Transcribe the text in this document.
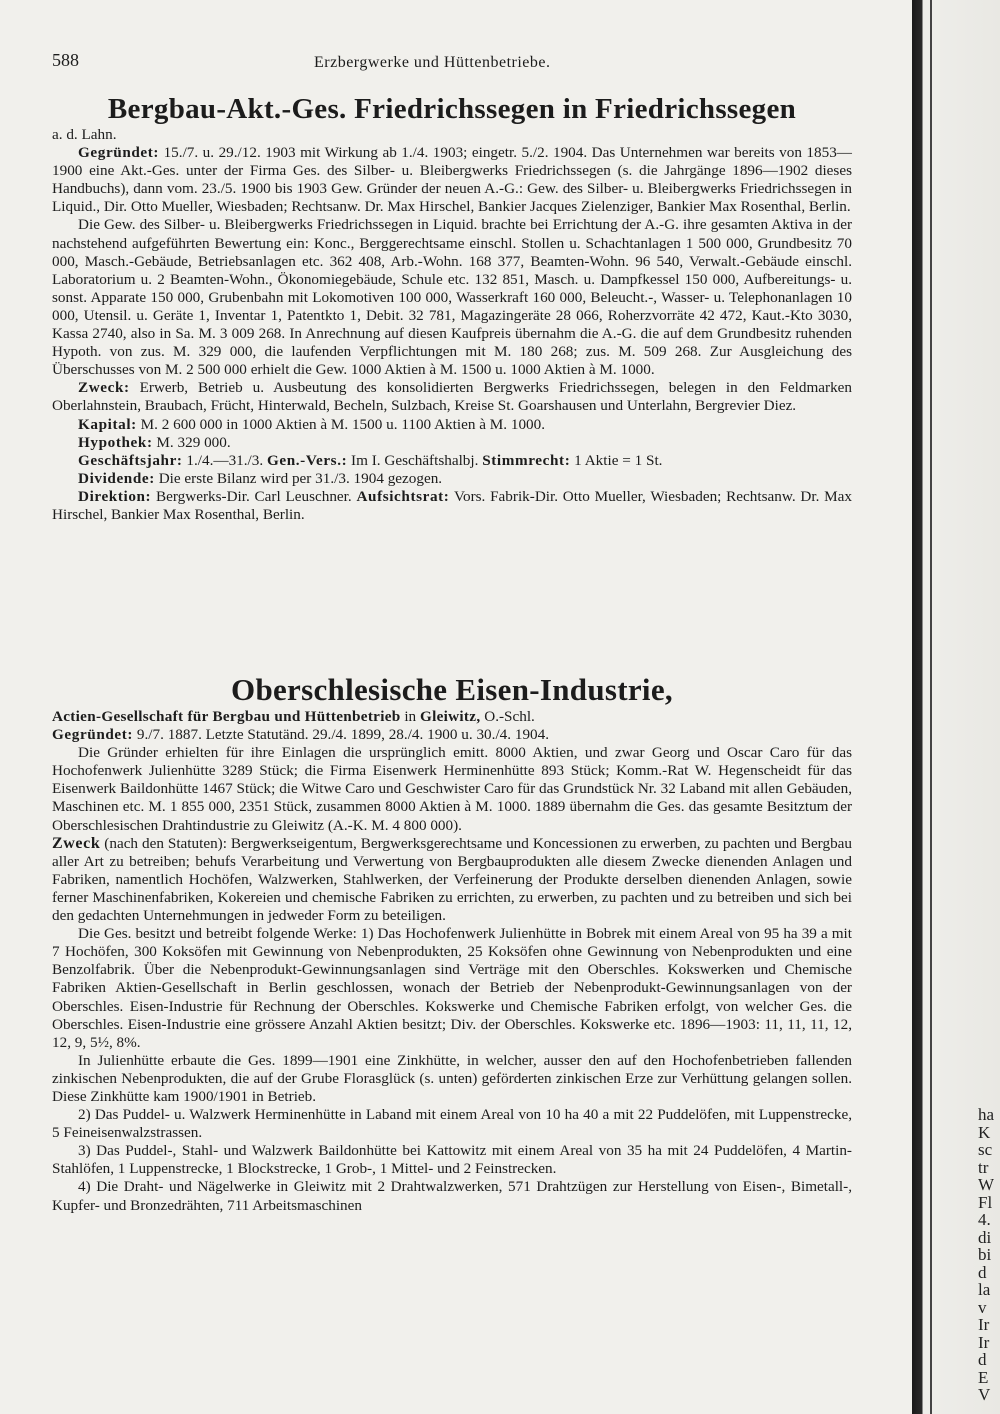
ha
K
sc
tr
W
Fl
4.
di
bi
d
la
v
Ir
Ir
d
E
V
588	Erzbergwerke und Hüttenbetriebe.
Bergbau-Akt.-Ges. Friedrichssegen in Friedrichssegen

a. d. Lahn.

Gegründet: 15./7. u. 29./12. 1903 mit Wirkung ab 1./4. 1903; eingetr. 5./2. 1904. Das Unternehmen war bereits von 1853—1900 eine Akt.-Ges. unter der Firma Ges. des Silber- u. Bleibergwerks Friedrichssegen (s. die Jahrgänge 1896—1902 dieses Handbuchs), dann vom. 23./5. 1900 bis 1903 Gew. Gründer der neuen A.-G.: Gew. des Silber- u. Bleibergwerks Friedrichssegen in Liquid., Dir. Otto Mueller, Wiesbaden; Rechtsanw. Dr. Max Hirschel, Bankier Jacques Zielenziger, Bankier Max Rosenthal, Berlin.

Die Gew. des Silber- u. Bleibergwerks Friedrichssegen in Liquid. brachte bei Errichtung der A.-G. ihre gesamten Aktiva in der nachstehend aufgeführten Bewertung ein: Konc., Berggerechtsame einschl. Stollen u. Schachtanlagen 1 500 000, Grundbesitz 70 000, Masch.-Gebäude, Betriebsanlagen etc. 362 408, Arb.-Wohn. 168 377, Beamten-Wohn. 96 540, Verwalt.-Gebäude einschl. Laboratorium u. 2 Beamten-Wohn., Ökonomiegebäude, Schule etc. 132 851, Masch. u. Dampfkessel 150 000, Aufbereitungs- u. sonst. Apparate 150 000, Grubenbahn mit Lokomotiven 100 000, Wasserkraft 160 000, Beleucht.-, Wasser- u. Telephonanlagen 10 000, Utensil. u. Geräte 1, Inventar 1, Patentkto 1, Debit. 32 781, Magazingeräte 28 066, Roherzvorräte 42 472, Kaut.-Kto 3030, Kassa 2740, also in Sa. M. 3 009 268. In Anrechnung auf diesen Kaufpreis übernahm die A.-G. die auf dem Grundbesitz ruhenden Hypoth. von zus. M. 329 000, die laufenden Verpflichtungen mit M. 180 268; zus. M. 509 268. Zur Ausgleichung des Überschusses von M. 2 500 000 erhielt die Gew. 1000 Aktien à M. 1500 u. 1000 Aktien à M. 1000.

Zweck: Erwerb, Betrieb u. Ausbeutung des konsolidierten Bergwerks Friedrichssegen, belegen in den Feldmarken Oberlahnstein, Braubach, Frücht, Hinterwald, Becheln, Sulzbach, Kreise St. Goarshausen und Unterlahn, Bergrevier Diez.

Kapital: M. 2 600 000 in 1000 Aktien à M. 1500 u. 1100 Aktien à M. 1000.

Hypothek: M. 329 000.

Geschäftsjahr: 1./4.—31./3. Gen.-Vers.: Im I. Geschäftshalbj. Stimmrecht: 1 Aktie = 1 St.

Dividende: Die erste Bilanz wird per 31./3. 1904 gezogen.

Direktion: Bergwerks-Dir. Carl Leuschner. Aufsichtsrat: Vors. Fabrik-Dir. Otto Mueller, Wiesbaden; Rechtsanw. Dr. Max Hirschel, Bankier Max Rosenthal, Berlin.

Oberschlesische Eisen-Industrie,

Actien-Gesellschaft für Bergbau und Hüttenbetrieb in Gleiwitz, O.-Schl.

Gegründet: 9./7. 1887. Letzte Statutänd. 29./4. 1899, 28./4. 1900 u. 30./4. 1904.

Die Gründer erhielten für ihre Einlagen die ursprünglich emitt. 8000 Aktien, und zwar Georg und Oscar Caro für das Hochofenwerk Julienhütte 3289 Stück; die Firma Eisenwerk Herminenhütte 893 Stück; Komm.-Rat W. Hegenscheidt für das Eisenwerk Baildonhütte 1467 Stück; die Witwe Caro und Geschwister Caro für das Grundstück Nr. 32 Laband mit allen Gebäuden, Maschinen etc. M. 1 855 000, 2351 Stück, zusammen 8000 Aktien à M. 1000. 1889 übernahm die Ges. das gesamte Besitztum der Oberschlesischen Drahtindustrie zu Gleiwitz (A.-K. M. 4 800 000).

Zweck (nach den Statuten): Bergwerkseigentum, Bergwerksgerechtsame und Koncessionen zu erwerben, zu pachten und Bergbau aller Art zu betreiben; behufs Verarbeitung und Verwertung von Bergbauprodukten alle diesem Zwecke dienenden Anlagen und Fabriken, namentlich Hochöfen, Walzwerken, Stahlwerken, der Verfeinerung der Produkte derselben dienenden Anlagen, sowie ferner Maschinenfabriken, Kokereien und chemische Fabriken zu errichten, zu erwerben, zu pachten und zu betreiben und sich bei den gedachten Unternehmungen in jedweder Form zu beteiligen.

Die Ges. besitzt und betreibt folgende Werke: 1) Das Hochofenwerk Julienhütte in Bobrek mit einem Areal von 95 ha 39 a mit 7 Hochöfen, 300 Koksöfen mit Gewinnung von Nebenprodukten, 25 Koksöfen ohne Gewinnung von Nebenprodukten und eine Benzolfabrik. Über die Nebenprodukt-Gewinnungsanlagen sind Verträge mit den Oberschles. Kokswerken und Chemische Fabriken Aktien-Gesellschaft in Berlin geschlossen, wonach der Betrieb der Nebenprodukt-Gewinnungsanlagen von der Oberschles. Eisen-Industrie für Rechnung der Oberschles. Kokswerke und Chemische Fabriken erfolgt, von welcher Ges. die Oberschles. Eisen-Industrie eine grössere Anzahl Aktien besitzt; Div. der Oberschles. Kokswerke etc. 1896—1903: 11, 11, 11, 12, 12, 9, 5½, 8%.

In Julienhütte erbaute die Ges. 1899—1901 eine Zinkhütte, in welcher, ausser den auf den Hochofenbetrieben fallenden zinkischen Nebenprodukten, die auf der Grube Florasglück (s. unten) geförderten zinkischen Erze zur Verhüttung gelangen sollen. Diese Zinkhütte kam 1900/1901 in Betrieb.

2) Das Puddel- u. Walzwerk Herminenhütte in Laband mit einem Areal von 10 ha 40 a mit 22 Puddelöfen, mit Luppenstrecke, 5 Feineisenwalzstrassen.

3) Das Puddel-, Stahl- und Walzwerk Baildonhütte bei Kattowitz mit einem Areal von 35 ha mit 24 Puddelöfen, 4 Martin-Stahlöfen, 1 Luppenstrecke, 1 Blockstrecke, 1 Grob-, 1 Mittel- und 2 Feinstrecken.

4) Die Draht- und Nägelwerke in Gleiwitz mit 2 Drahtwalzwerken, 571 Drahtzügen zur Herstellung von Eisen-, Bimetall-, Kupfer- und Bronzedrähten, 711 Arbeitsmaschinen
